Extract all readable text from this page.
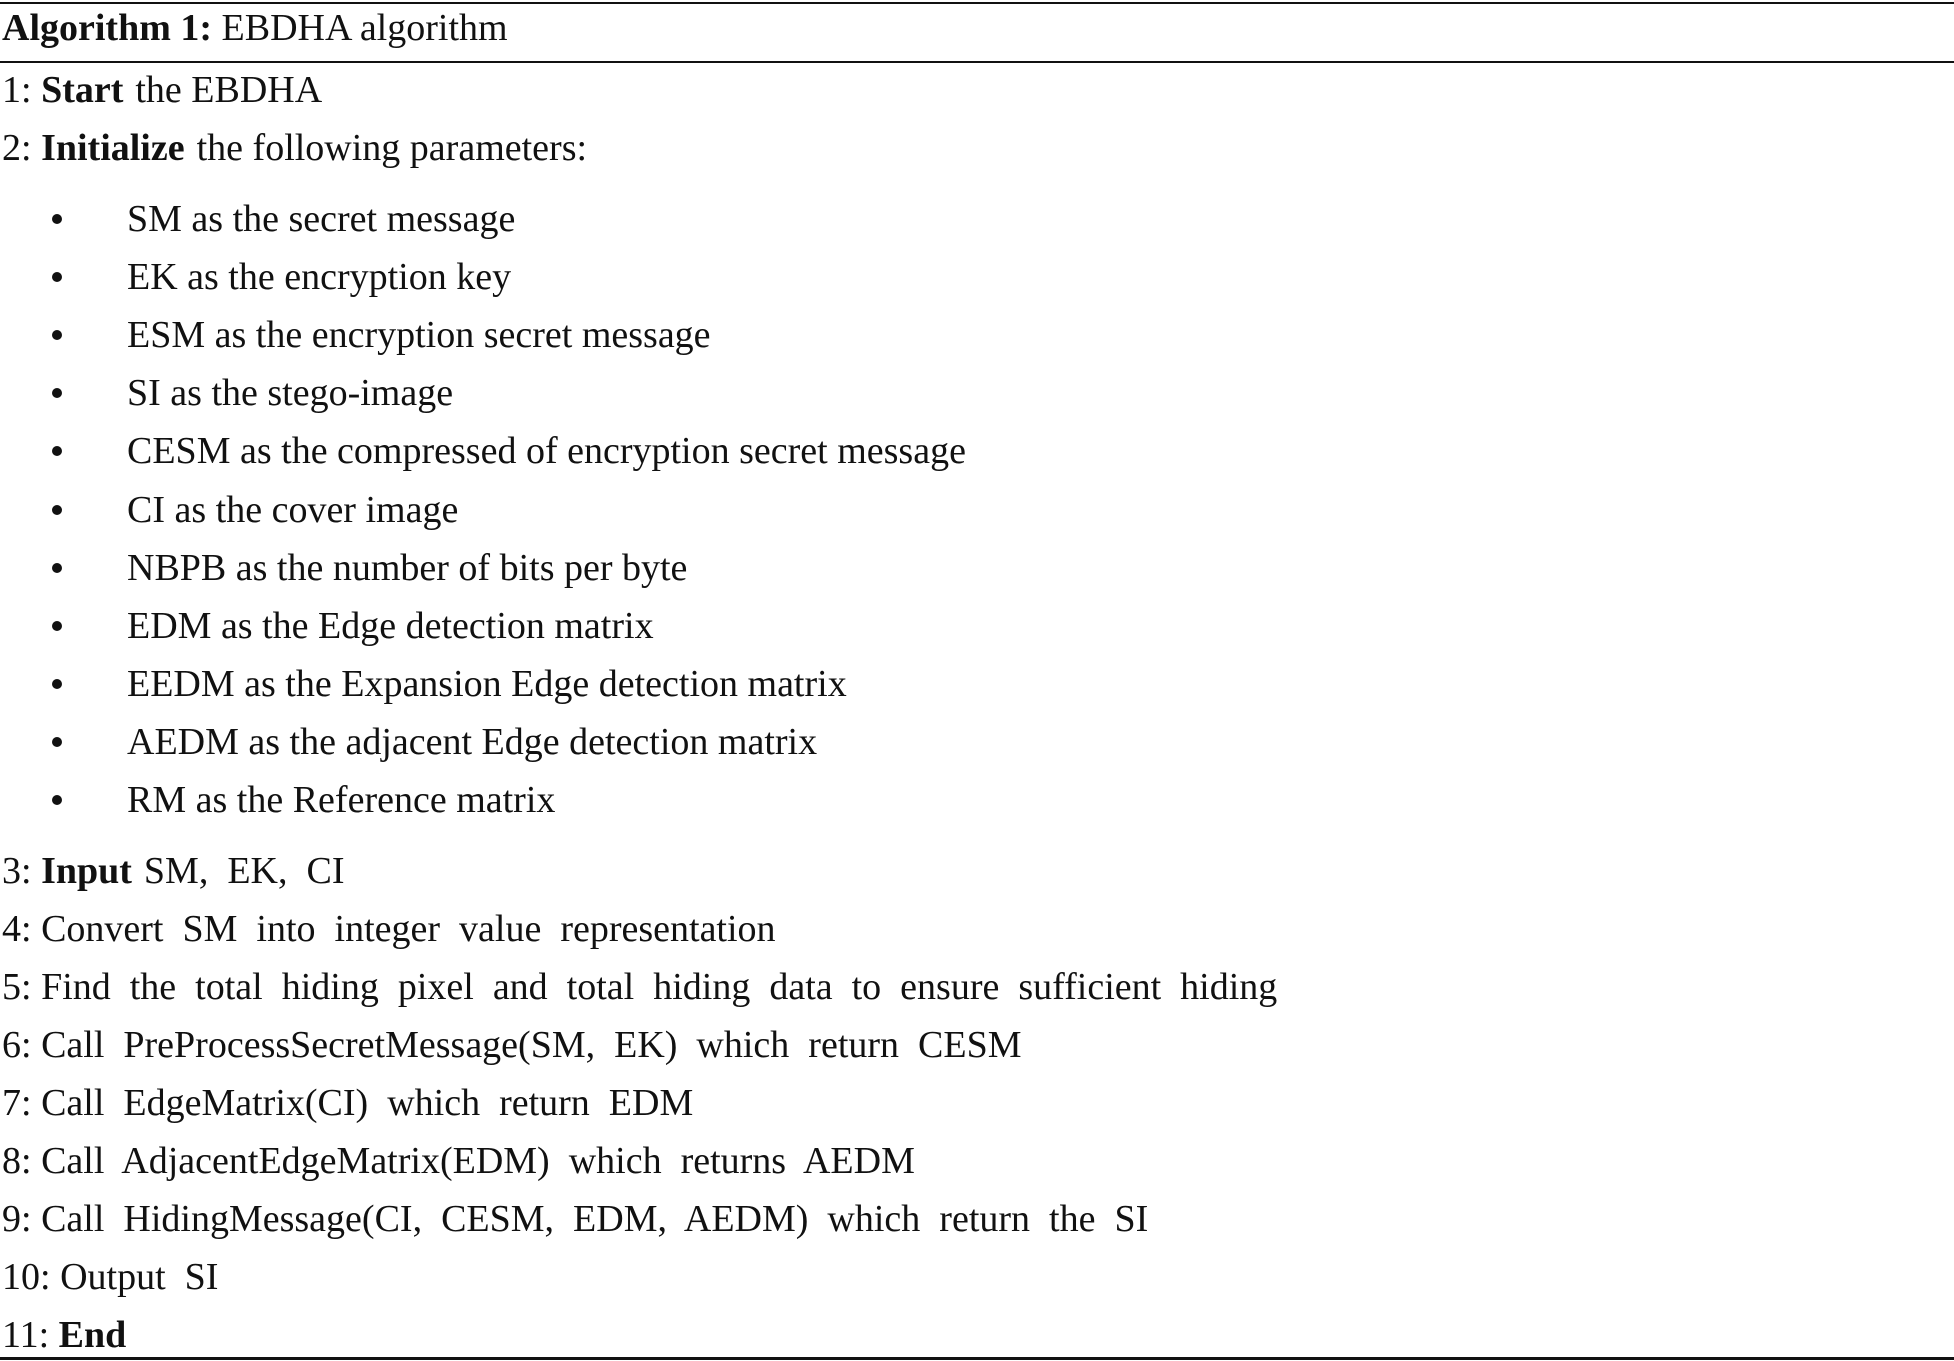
Algorithm 1: EBDHA algorithm
1: Start the EBDHA
2: Initialize the following parameters:
SM as the secret message
EK as the encryption key
ESM as the encryption secret message
SI as the stego-image
CESM as the compressed of encryption secret message
CI as the cover image
NBPB as the number of bits per byte
EDM as the Edge detection matrix
EEDM as the Expansion Edge detection matrix
AEDM as the adjacent Edge detection matrix
RM as the Reference matrix
3: Input SM,  EK,  CI
4: Convert  SM  into  integer  value  representation
5: Find  the  total  hiding  pixel  and  total  hiding  data  to  ensure  sufficient  hiding
6: Call  PreProcessSecretMessage(SM,  EK)  which  return  CESM
7: Call  EdgeMatrix(CI)  which  return  EDM
8: Call  AdjacentEdgeMatrix(EDM)  which  returns  AEDM
9: Call  HidingMessage(CI,  CESM,  EDM,  AEDM)  which  return  the  SI
10: Output  SI
11: End
